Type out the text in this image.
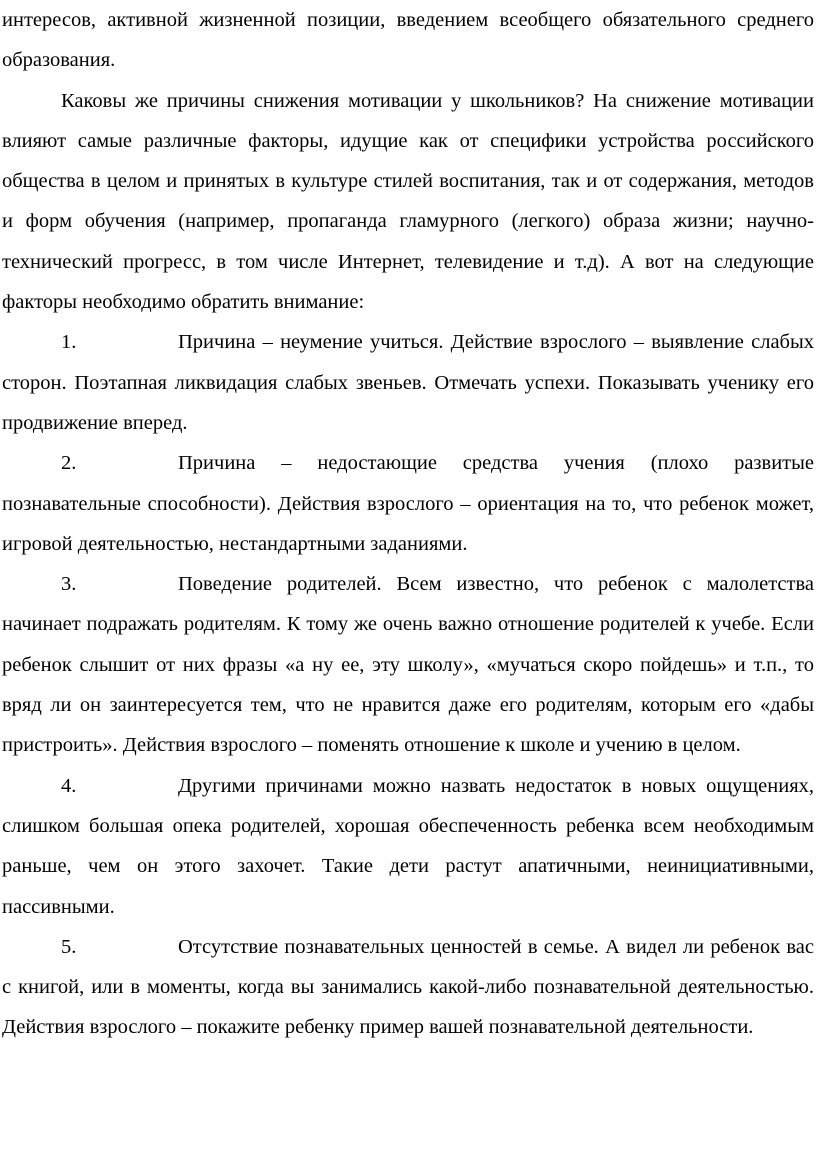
интересов, активной жизненной позиции, введением всеобщего обязательного среднего образования.

Каковы же причины снижения мотивации у школьников? На снижение мотивации влияют самые различные факторы, идущие как от специфики устройства российского общества в целом и принятых в культуре стилей воспитания, так и от содержания, методов и форм обучения (например, пропаганда гламурного (легкого) образа жизни; научно-технический прогресс, в том числе Интернет, телевидение и т.д). А вот на следующие факторы необходимо обратить внимание:

1.	Причина – неумение учиться. Действие взрослого – выявление слабых сторон. Поэтапная ликвидация слабых звеньев. Отмечать успехи. Показывать ученику его продвижение вперед.
2.	Причина – недостающие средства учения (плохо развитые познавательные способности). Действия взрослого – ориентация на то, что ребенок может, игровой деятельностью, нестандартными заданиями.
3.	Поведение родителей. Всем известно, что ребенок с малолетства начинает подражать родителям. К тому же очень важно отношение родителей к учебе. Если ребенок слышит от них фразы «а ну ее, эту школу», «мучаться скоро пойдешь» и т.п., то вряд ли он заинтересуется тем, что не нравится даже его родителям, которым его «дабы пристроить». Действия взрослого – поменять отношение к школе и учению в целом.
4.	Другими причинами можно назвать недостаток в новых ощущениях, слишком большая опека родителей, хорошая обеспеченность ребенка всем необходимым раньше, чем он этого захочет. Такие дети растут апатичными, неинициативными, пассивными.
5.	Отсутствие познавательных ценностей в семье. А видел ли ребенок вас с книгой, или в моменты, когда вы занимались какой-либо познавательной деятельностью. Действия взрослого – покажите ребенку пример вашей познавательной деятельности.
